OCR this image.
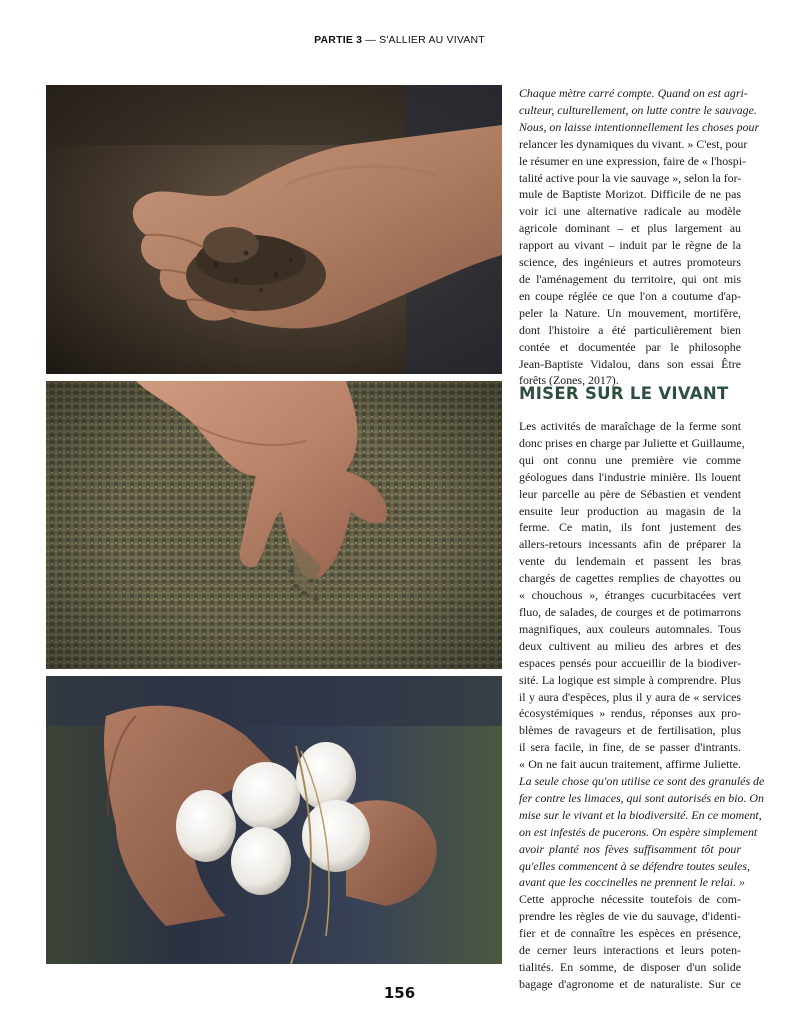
PARTIE 3 — S'ALLIER AU VIVANT

Chaque mètre carré compte. Quand on est agri-

culteur, culturellement, on lutte contre le sauvage.

Nous, on laisse intentionnellement les choses pour

relancer les dynamiques du vivant. » C'est, pour

le résumer en une expression, faire de « l'hospi-

talité active pour la vie sauvage », selon la for-

mule de Baptiste Morizot. Difficile de ne pas

voir ici une alternative radicale au modèle

agricole dominant – et plus largement au

rapport au vivant – induit par le règne de la

science, des ingénieurs et autres promoteurs

de l'aménagement du territoire, qui ont mis

en coupe réglée ce que l'on a coutume d'ap-

peler la Nature. Un mouvement, mortifère,

dont l'histoire a été particulièrement bien

contée et documentée par le philosophe

Jean-Baptiste Vidalou, dans son essai Être

forêts (Zones, 2017).

MISER SUR LE VIVANT

Les activités de maraîchage de la ferme sont

donc prises en charge par Juliette et Guillaume,

qui ont connu une première vie comme

géologues dans l'industrie minière. Ils louent

leur parcelle au père de Sébastien et vendent

ensuite leur production au magasin de la

ferme. Ce matin, ils font justement des

allers-retours incessants afin de préparer la

vente du lendemain et passent les bras

chargés de cagettes remplies de chayottes ou

« chouchous », étranges cucurbitacées vert

fluo, de salades, de courges et de potimarrons

magnifiques, aux couleurs automnales. Tous

deux cultivent au milieu des arbres et des

espaces pensés pour accueillir de la biodiver-

sité. La logique est simple à comprendre. Plus

il y aura d'espèces, plus il y aura de « services

écosystémiques » rendus, réponses aux pro-

blèmes de ravageurs et de fertilisation, plus

il sera facile, in fine, de se passer d'intrants.

« On ne fait aucun traitement, affirme Juliette.

La seule chose qu'on utilise ce sont des granulés de

fer contre les limaces, qui sont autorisés en bio. On

mise sur le vivant et la biodiversité. En ce moment,

on est infestés de pucerons. On espère simplement

avoir planté nos fèves suffisamment tôt pour

qu'elles commencent à se défendre toutes seules,

avant que les coccinelles ne prennent le relai. »

Cette approche nécessite toutefois de com-

prendre les règles de vie du sauvage, d'identi-

fier et de connaître les espèces en présence,

de cerner leurs interactions et leurs poten-

tialités. En somme, de disposer d'un solide

bagage d'agronome et de naturaliste. Sur ce

156
